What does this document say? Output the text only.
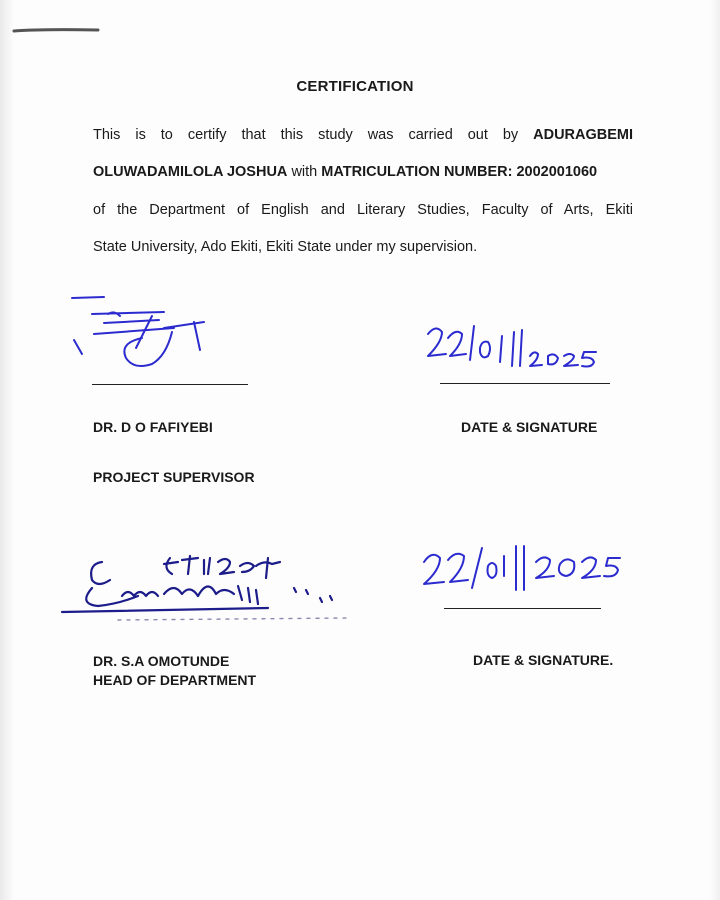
CERTIFICATION
This is to certify that this study was carried out by ADURAGBEMI
OLUWADAMILOLA JOSHUA with MATRICULATION NUMBER: 2002001060
of the Department of English and Literary Studies, Faculty of Arts, Ekiti
State University, Ado Ekiti, Ekiti State under my supervision.
DR. D O FAFIYEBI	DATE & SIGNATURE
PROJECT SUPERVISOR
DR. S.A OMOTUNDE
HEAD OF DEPARTMENT
DATE & SIGNATURE.
